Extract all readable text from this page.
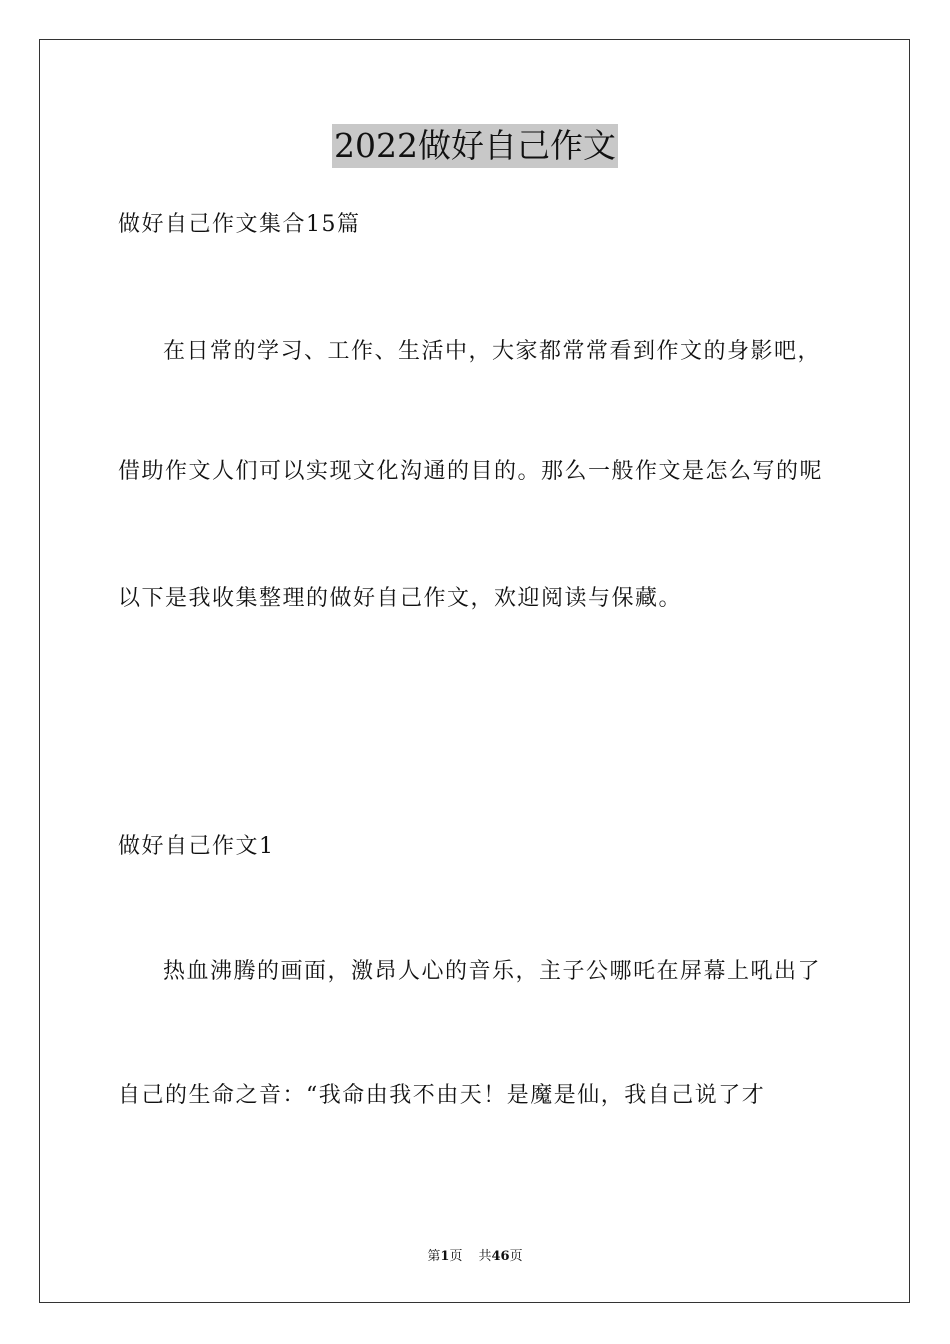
2022做好自己作文
做好自己作文集合15篇
在日常的学习、工作、生活中，大家都常常看到作文的身影吧，
借助作文人们可以实现文化沟通的目的。那么一般作文是怎么写的呢
以下是我收集整理的做好自己作文，欢迎阅读与保藏。
做好自己作文1
热血沸腾的画面，激昂人心的音乐，主子公哪吒在屏幕上吼出了
自己的生命之音：“我命由我不由天！是魔是仙，我自己说了才
第1页 共46页
